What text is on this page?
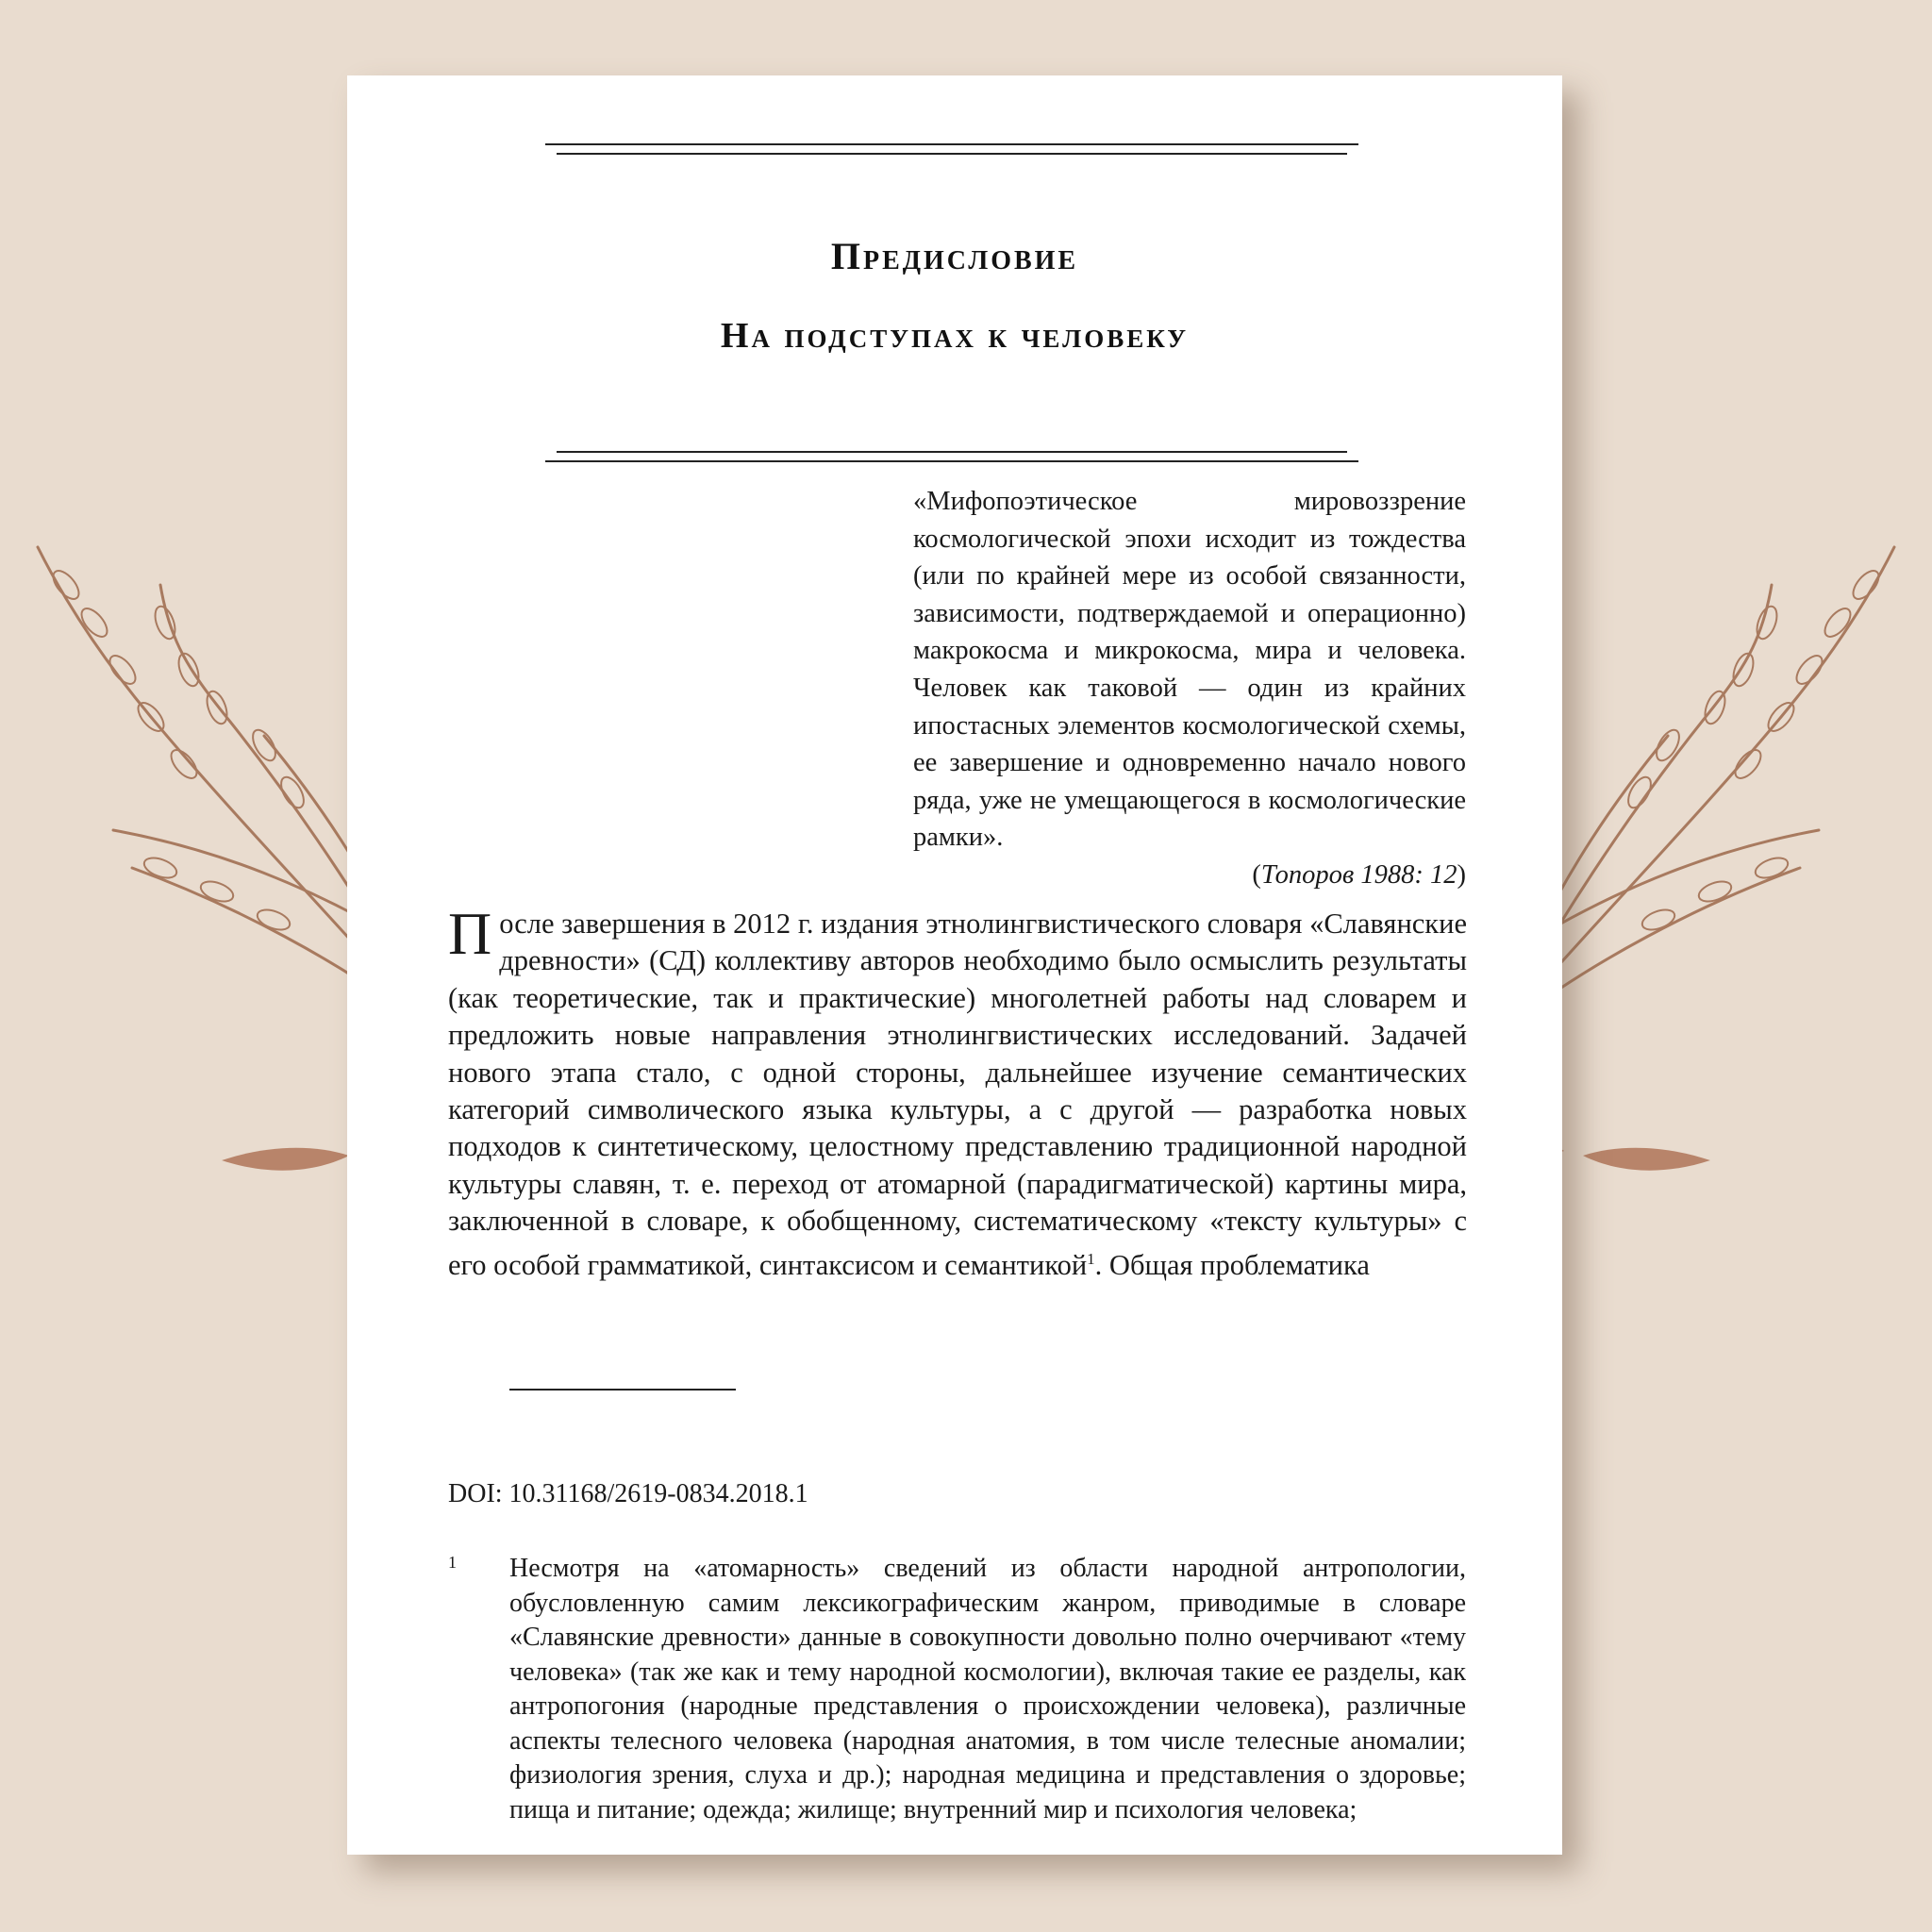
Предисловие
На подступах к человеку
«Мифопоэтическое мировоззрение космологической эпохи исходит из тождества (или по крайней мере из особой связанности, зависимости, подтверждаемой и операционно) макрокосма и микрокосма, мира и человека. Человек как таковой — один из крайних ипостасных элементов космологической схемы, ее завершение и одновременно начало нового ряда, уже не умещающегося в космологические рамки».
(Топоров 1988: 12)
После завершения в 2012 г. издания этнолингвистического словаря «Славянские древности» (СД) коллективу авторов необходимо было осмыслить результаты (как теоретические, так и практические) многолетней работы над словарем и предложить новые направления этнолингвистических исследований. Задачей нового этапа стало, с одной стороны, дальнейшее изучение семантических категорий символического языка культуры, а с другой — разработка новых подходов к синтетическому, целостному представлению традиционной народной культуры славян, т. е. переход от атомарной (парадигматической) картины мира, заключенной в словаре, к обобщенному, систематическому «тексту культуры» с его особой грамматикой, синтаксисом и семантикой$^1$. Общая проблематика
DOI: 10.31168/2619-0834.2018.1
1 Несмотря на «атомарность» сведений из области народной антропологии, обусловленную самим лексикографическим жанром, приводимые в словаре «Славянские древности» данные в совокупности довольно полно очерчивают «тему человека» (так же как и тему народной космологии), включая такие ее разделы, как антропогония (народные представления о происхождении человека), различные аспекты телесного человека (народная анатомия, в том числе телесные аномалии; физиология зрения, слуха и др.); народная медицина и представления о здоровье; пища и питание; одежда; жилище; внутренний мир и психология человека;
